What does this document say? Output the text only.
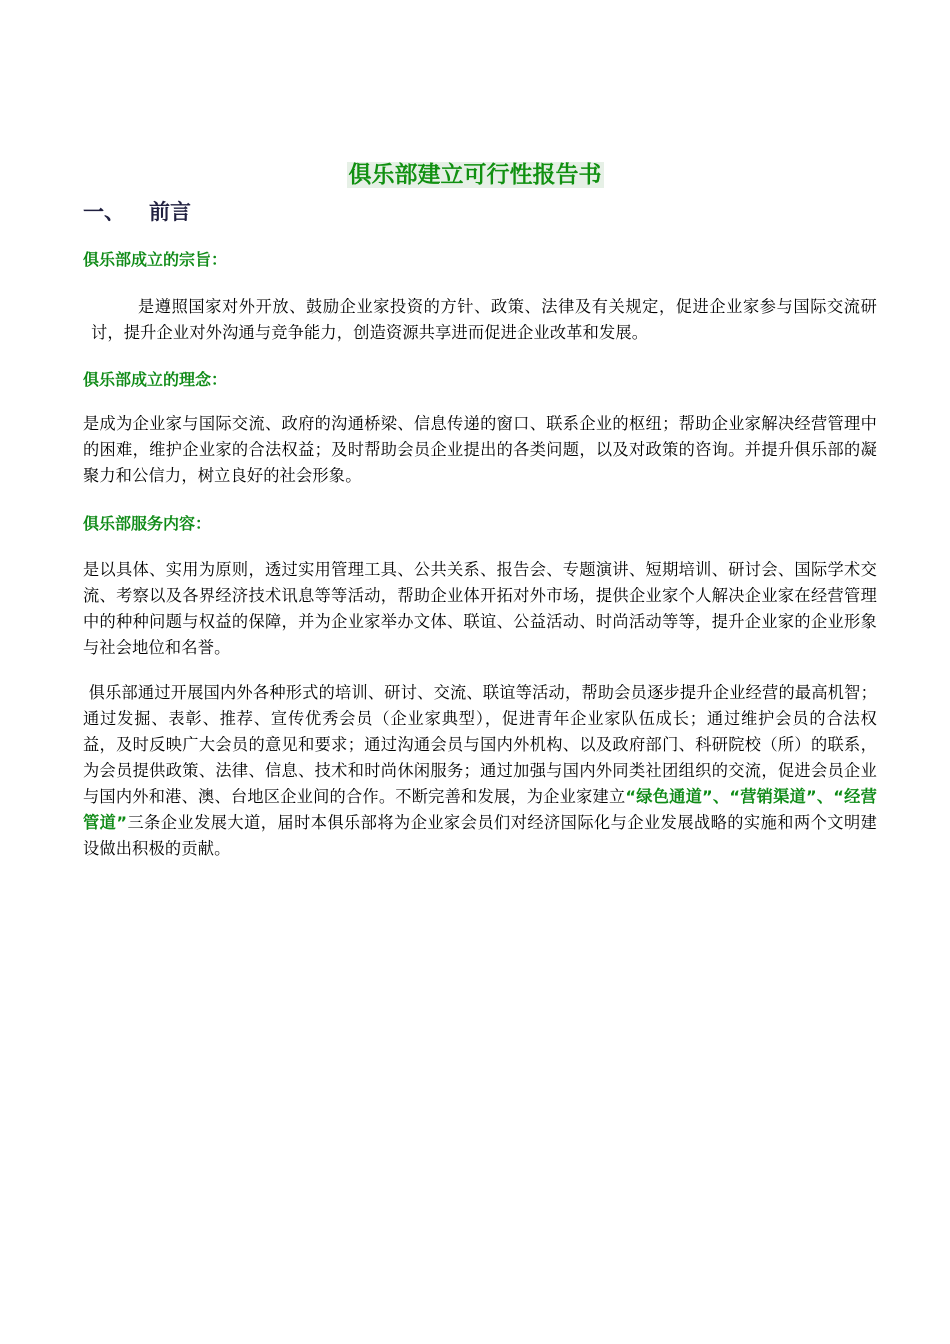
俱乐部建立可行性报告书
一、 前言
俱乐部成立的宗旨：
是遵照国家对外开放、鼓励企业家投资的方针、政策、法律及有关规定，促进企业家参与国际交流研讨，提升企业对外沟通与竞争能力，创造资源共享进而促进企业改革和发展。
俱乐部成立的理念：
是成为企业家与国际交流、政府的沟通桥梁、信息传递的窗口、联系企业的枢纽；帮助企业家解决经营管理中的困难，维护企业家的合法权益；及时帮助会员企业提出的各类问题，以及对政策的咨询。并提升俱乐部的凝聚力和公信力，树立良好的社会形象。
俱乐部服务内容：
是以具体、实用为原则，透过实用管理工具、公共关系、报告会、专题演讲、短期培训、研讨会、国际学术交流、考察以及各界经济技术讯息等等活动，帮助企业体开拓对外市场，提供企业家个人解决企业家在经营管理中的种种问题与权益的保障，并为企业家举办文体、联谊、公益活动、时尚活动等等，提升企业家的企业形象与社会地位和名誉。
俱乐部通过开展国内外各种形式的培训、研讨、交流、联谊等活动，帮助会员逐步提升企业经营的最高机智；通过发掘、表彰、推荐、宣传优秀会员（企业家典型），促进青年企业家队伍成长；通过维护会员的合法权益，及时反映广大会员的意见和要求；通过沟通会员与国内外机构、以及政府部门、科研院校（所）的联系，为会员提供政策、法律、信息、技术和时尚休闲服务；通过加强与国内外同类社团组织的交流，促进会员企业与国内外和港、澳、台地区企业间的合作。不断完善和发展，为企业家建立“绿色通道”、“营销渠道”、“经营管道”三条企业发展大道，届时本俱乐部将为企业家会员们对经济国际化与企业发展战略的实施和两个文明建设做出积极的贡献。
